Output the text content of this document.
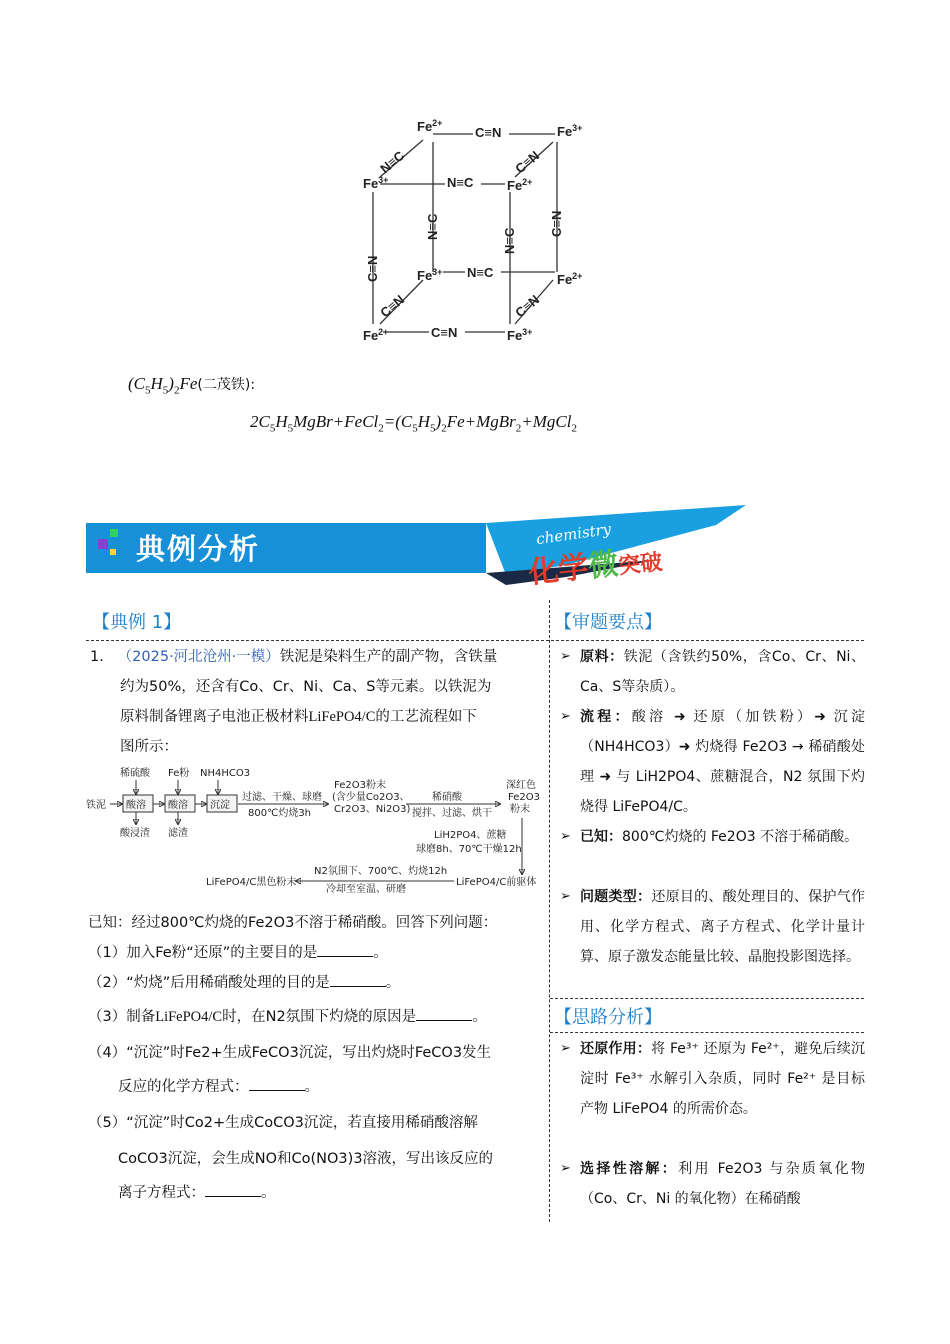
$Fe^{2+}$
$Fe^{3+}$
$Fe^{3+}$	$Fe^{2+}$
$Fe^{3+}$	$Fe^{2+}$
$Fe^{2+}$	$Fe^{3+}$
C≡N
N≡C
N≡C
C≡N
C≡N
C≡N
N≡C
N≡C
N≡C	C≡N
C≡N	C≡N
$(C_5H_5)_2Fe$(二茂铁):
$2C_5H_5MgBr+FeCl_2=(C_5H_5)_2Fe+MgBr_2+MgCl_2$
典例分析	chemistry
化学微突破
【典例 1】	【审题要点】
1. （2025·河北沧州·一模）铁泥是染料生产的副产物，含铁量
约为50%，还含有Co、Cr、Ni、Ca、S等元素。以铁泥为
原料制备锂离子电池正极材料LiFePO4/C的工艺流程如下
图所示：
稀硫酸 Fe粉 NH4HCO3
铁泥 酸溶 酸溶 沉淀
酸浸渣 滤渣
过滤、干燥、球磨
800℃灼烧3h
Fe2O3粉末
(含少量Co2O3、
Cr2O3、Ni2O3)
稀硝酸
搅拌、过滤、烘干
深红色
Fe2O3
粉末
LiH2PO4、蔗糖
球磨8h、70℃干燥12h
LiFePO4/C前驱体
N2氛围下、700℃、灼烧12h
冷却至室温、研磨
LiFePO4/C黑色粉末
已知：经过800℃灼烧的Fe2O3不溶于稀硝酸。回答下列问题：
（1）加入Fe粉“还原”的主要目的是	。
（2）“灼烧”后用稀硝酸处理的目的是	。
（3）制备LiFePO4/C时，在N2氛围下灼烧的原因是	。
（4）“沉淀”时Fe2+生成FeCO3沉淀，写出灼烧时FeCO3发生
反应的化学方程式：	。
（5）“沉淀”时Co2+生成CoCO3沉淀，若直接用稀硝酸溶解
CoCO3沉淀，会生成NO和Co(NO3)3溶液，写出该反应的
离子方程式：	。
➢ 原料：铁泥（含铁约50%，含Co、Cr、Ni、Ca、S等杂质）。
➢ 流程：酸溶 ➜ 还原（加铁粉）➜ 沉淀（NH4HCO3）➜ 灼烧得 Fe2O3 → 稀硝酸处理 ➜ 与 LiH2PO4、蔗糖混合，N2 氛围下灼烧得 LiFePO4/C。
➢ 已知：800℃灼烧的 Fe2O3 不溶于稀硝酸。
➢ 问题类型：还原目的、酸处理目的、保护气作用、化学方程式、离子方程式、化学计量计算、原子激发态能量比较、晶胞投影图选择。
【思路分析】
➢ 还原作用：将 Fe³⁺ 还原为 Fe²⁺，避免后续沉淀时 Fe³⁺ 水解引入杂质，同时 Fe²⁺ 是目标产物 LiFePO4 的所需价态。
➢ 选择性溶解：利用 Fe2O3 与杂质氧化物（Co、Cr、Ni 的氧化物）在稀硝酸
